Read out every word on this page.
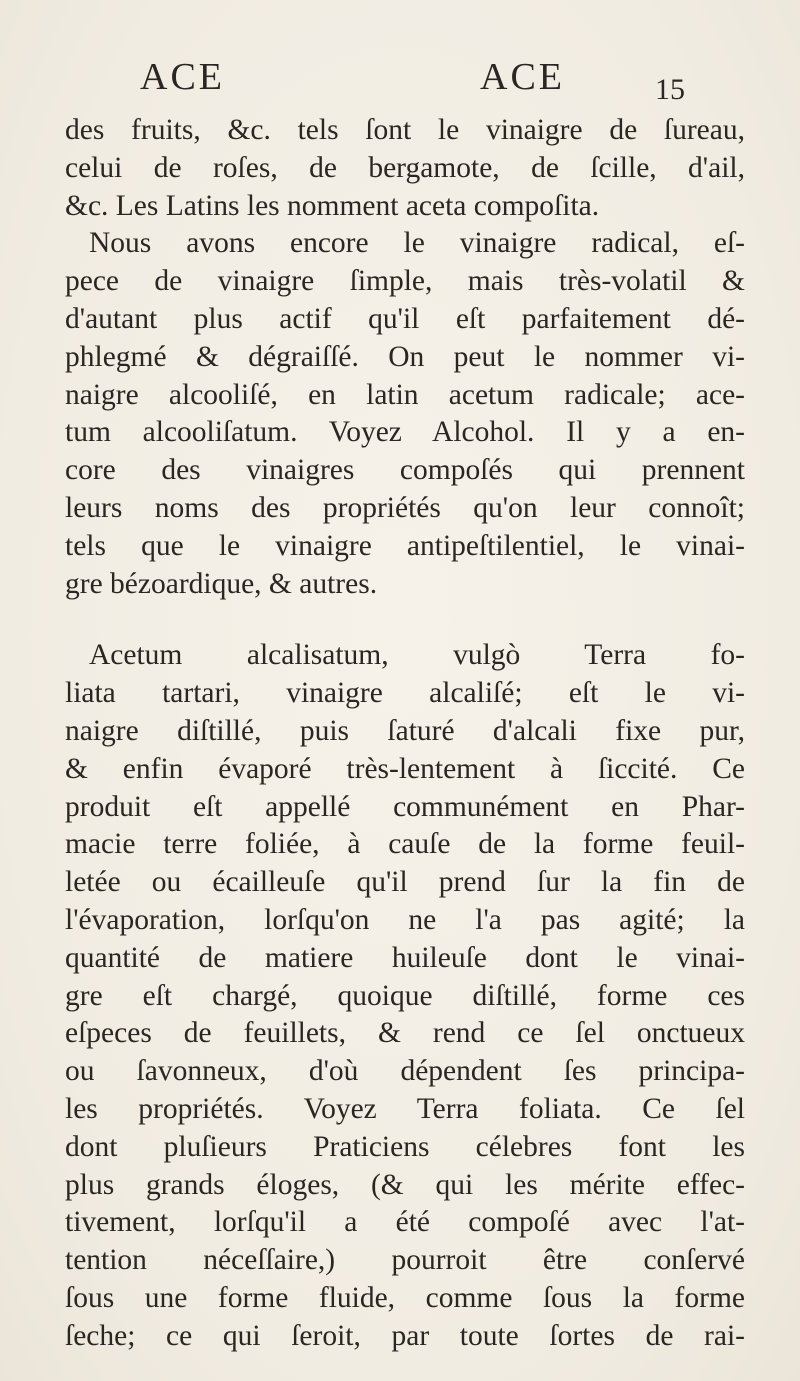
ACE	ACE	15
des fruits, &c. tels ſont le vinaigre de ſureau,
celui de roſes, de bergamote, de ſcille, d'ail,
&c. Les Latins les nomment aceta compoſita.
Nous avons encore le vinaigre radical, eſ-
pece de vinaigre ſimple, mais très-volatil &
d'autant plus actif qu'il eſt parfaitement dé-
phlegmé & dégraiſſé. On peut le nommer vi-
naigre alcooliſé, en latin acetum radicale; ace-
tum alcooliſatum. Voyez Alcohol. Il y a en-
core des vinaigres compoſés qui prennent
leurs noms des propriétés qu'on leur connoît;
tels que le vinaigre antipeſtilentiel, le vinai-
gre bézoardique, & autres.
Acetum alcalisatum, vulgò Terra fo-
liata tartari, vinaigre alcaliſé; eſt le vi-
naigre diſtillé, puis ſaturé d'alcali fixe pur,
& enfin évaporé très-lentement à ſiccité. Ce
produit eſt appellé communément en Phar-
macie terre foliée, à cauſe de la forme feuil-
letée ou écailleuſe qu'il prend ſur la fin de
l'évaporation, lorſqu'on ne l'a pas agité; la
quantité de matiere huileuſe dont le vinai-
gre eſt chargé, quoique diſtillé, forme ces
eſpeces de feuillets, & rend ce ſel onctueux
ou ſavonneux, d'où dépendent ſes principa-
les propriétés. Voyez Terra foliata. Ce ſel
dont pluſieurs Praticiens célebres font les
plus grands éloges, (& qui les mérite effec-
tivement, lorſqu'il a été compoſé avec l'at-
tention néceſſaire,) pourroit être conſervé
ſous une forme fluide, comme ſous la forme
ſeche; ce qui ſeroit, par toute ſortes de rai-
